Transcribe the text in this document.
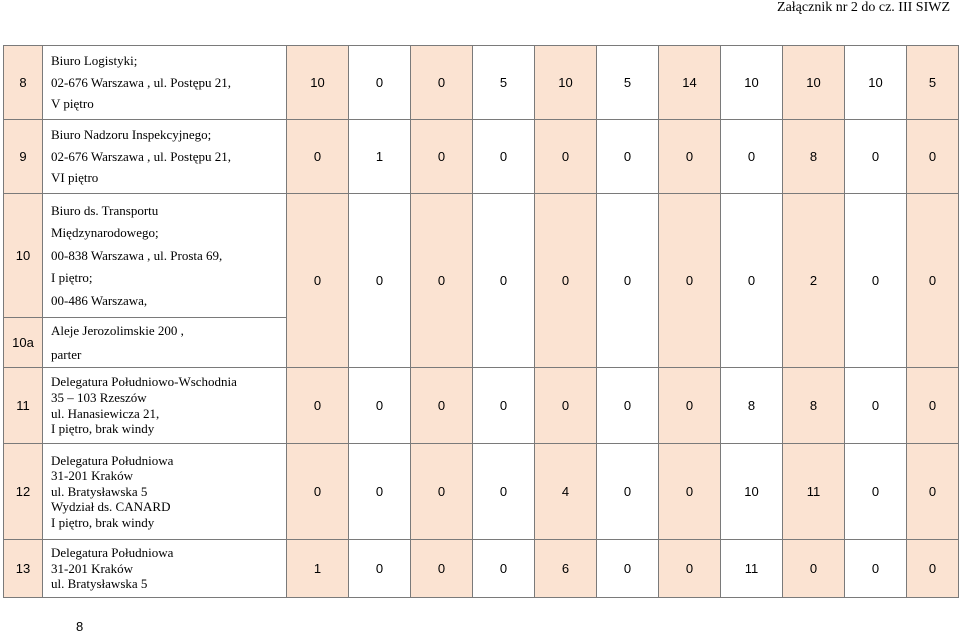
Załącznik nr 2 do cz. III SIWZ
8	Biuro Logistyki;
02-676 Warszawa , ul. Postępu 21,
V piętro	10	0	0	5	10	5	14	10	10	10	5
9	Biuro Nadzoru Inspekcyjnego;
02-676 Warszawa , ul. Postępu 21,
VI piętro	0	1	0	0	0	0	0	0	8	0	0
10	Biuro ds. Transportu
Międzynarodowego;
00-838 Warszawa , ul. Prosta 69,
I piętro;
00-486 Warszawa,	0	0	0	0	0	0	0	0	2	0	0
10a	Aleje Jerozolimskie 200 ,
parter											

11	Delegatura Południowo-Wschodnia
35 – 103 Rzeszów
ul. Hanasiewicza 21,
I piętro, brak windy	0	0	0	0	0	0	0	8	8	0	0
12	Delegatura Południowa
31-201 Kraków
ul. Bratysławska 5
Wydział ds. CANARD
I piętro, brak windy	0	0	0	0	4	0	0	10	11	0	0
13	Delegatura Południowa
31-201 Kraków
ul. Bratysławska 5	1	0	0	0	6	0	0	11	0	0	0
8
